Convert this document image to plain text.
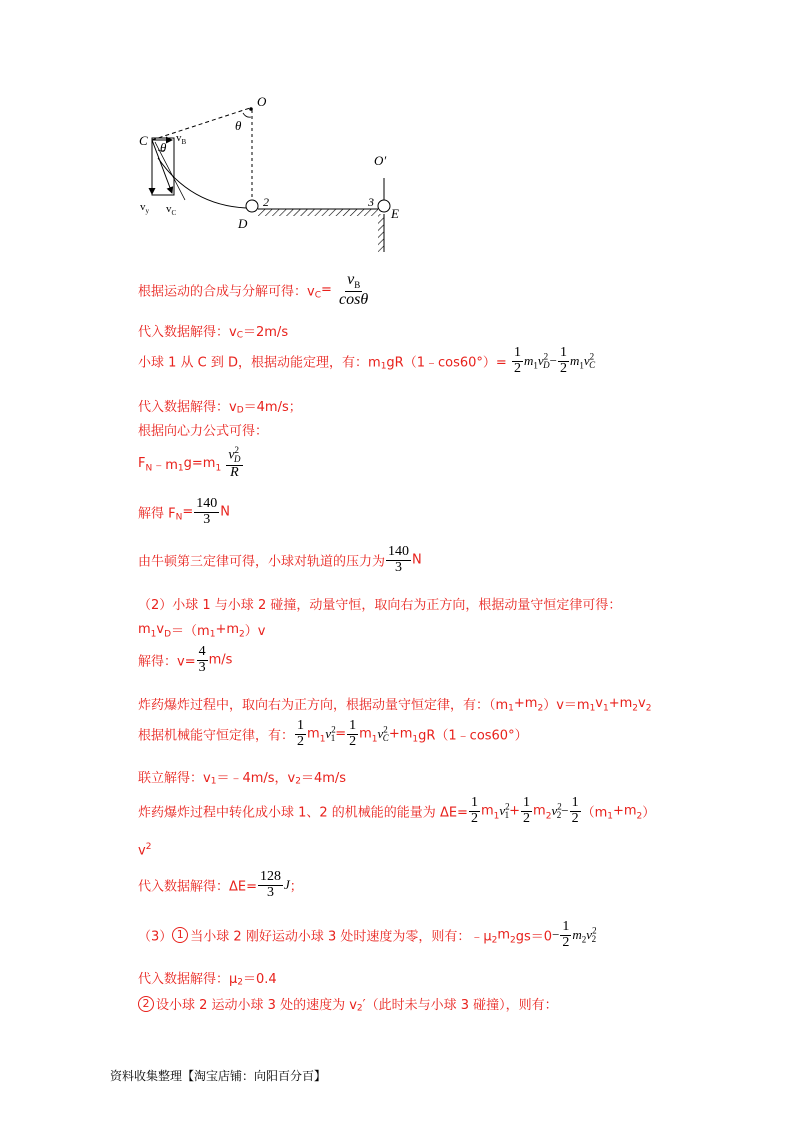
O
θ
C	$v_B$
θ
$v_y$ $v_C$
D
2
O′
3
E
根据运动的合成与分解可得：$v_C= \frac{v_B}{\cos\theta}$
代入数据解得：$v_C=2m/s$
小球 1 从 C 到 D，根据动能定理，有：$m_1gR(1﹣\cos 60^\circ)= \frac{1}{2} m_1v^2_D- \frac{1}{2} m_1v^2_C$
代入数据解得：$v_D=4m/s$；
根据向心力公式可得：
$F_N﹣m_1g=m_1 \frac{v^2_D}{R}$
解得 $F_N= \frac{140}{3}$ N
由牛顿第三定律可得，小球对轨道的压力为 $\frac{140}{3}$ N
（2）小球 1 与小球 2 碰撞，动量守恒，取向右为正方向，根据动量守恒定律可得：
$m_1v_D=(m_1+m_2)v$
解得：$v= \frac{4}{3} m/s$
炸药爆炸过程中，取向右为正方向，根据动量守恒定律，有：$(m_1+m_2)v=m_1v_1+m_2v_2$
根据机械能守恒定律，有： $\frac{1}{2} m_1v^2_1= \frac{1}{2}$ $m_1v^2_C+m_1gR(1﹣\cos 60^\circ)$
联立解得：$v_1=﹣4m/s$，$v_2=4m/s$
炸药爆炸过程中转化成小球 1、2 的机械能的能量为 $\Delta E= \frac{1}{2} m_1v^2_1+ \frac{1}{2} m_2v^2_2- \frac{1}{2} (m_1+m_2)$
$v^2$
代入数据解得：$\Delta E= \frac{128}{3}$ J；
（3） 1 当小球 2 刚好运动小球 3 处时速度为零，则有：$﹣\mu_2m_2gs=0- \frac{1}{2} m_2v^2_2$
代入数据解得：$\mu_2=0.4$
2 设小球 2 运动小球 3 处的速度为 $v_2'$（此时未与小球 3 碰撞），则有：
资料收集整理【淘宝店铺：向阳百分百】
